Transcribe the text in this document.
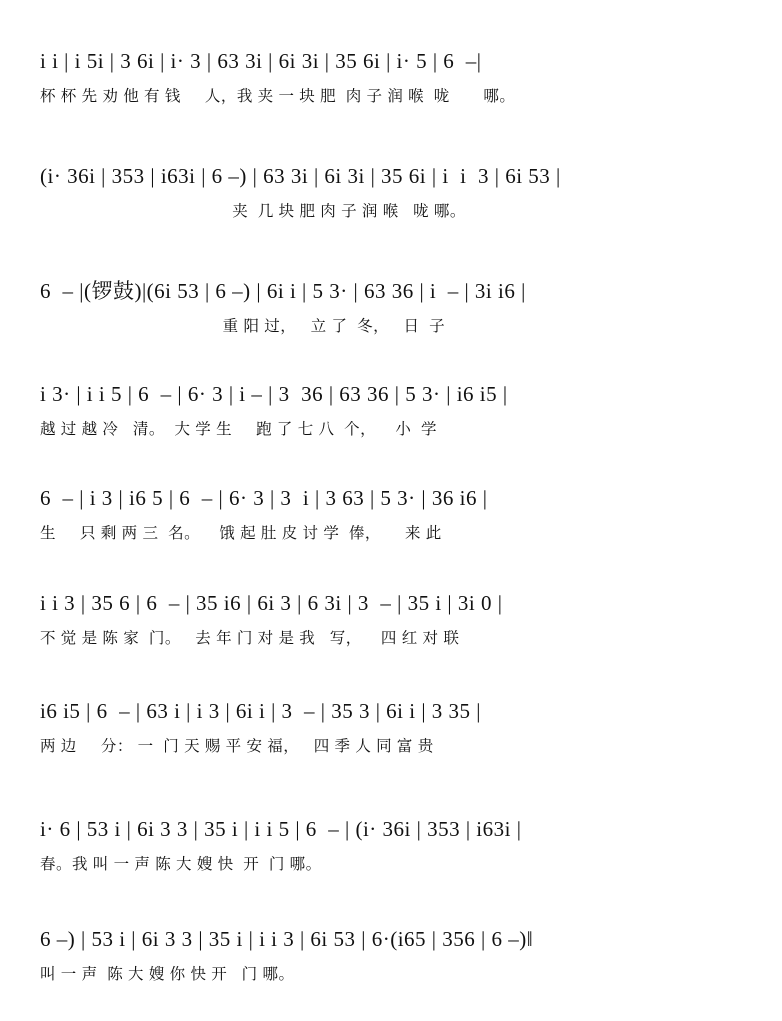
i i | i 5i | 3 6i | i· 3 | 63 3i | 6i 3i | 35 6i | i· 5 | 6  –|
杯 杯 先 劝 他 有 钱     人，我 夹 一 块 肥  肉 子 润 喉  咙       哪。
(i· 36i | 353 | i63i | 6 –) | 63 3i | 6i 3i | 35 6i | i  i  3 | 6i 53 |
夹  几 块 肥 肉 子 润 喉   咙 哪。
6  – |(锣鼓)|(6i 53 | 6 –) | 6i i | 5 3· | 63 36 | i  – | 3i i6 |
重 阳 过，   立 了  冬，   日  子
i 3· | i i 5 | 6  – | 6· 3 | i – | 3  36 | 63 36 | 5 3· | i6 i5 |
越 过 越 冷   清。  大 学 生     跑 了 七 八  个，    小  学
6  – | i 3 | i6 5 | 6  – | 6· 3 | 3  i | 3 63 | 5 3· | 36 i6 |
生     只 剩 两 三  名。    饿 起 肚 皮 讨 学  俸，     来 此
i i 3 | 35 6 | 6  – | 35 i6 | 6i 3 | 6 3i | 3  – | 35 i | 3i 0 |
不 觉 是 陈 家  门。   去 年 门 对 是 我   写，    四 红 对 联
i6 i5 | 6  – | 63 i | i 3 | 6i i | 3  – | 35 3 | 6i i | 3 35 |
两 边     分： 一  门 天 赐 平 安 福，   四 季 人 同 富 贵
i· 6 | 53 i | 6i 3 3 | 35 i | i i 5 | 6  – | (i· 36i | 353 | i63i |
春。我 叫 一 声 陈 大 嫂 快  开  门 哪。
6 –) | 53 i | 6i 3 3 | 35 i | i i 3 | 6i 53 | 6·(i65 | 356 | 6 –)‖
叫 一 声  陈 大 嫂 你 快 开   门 哪。
